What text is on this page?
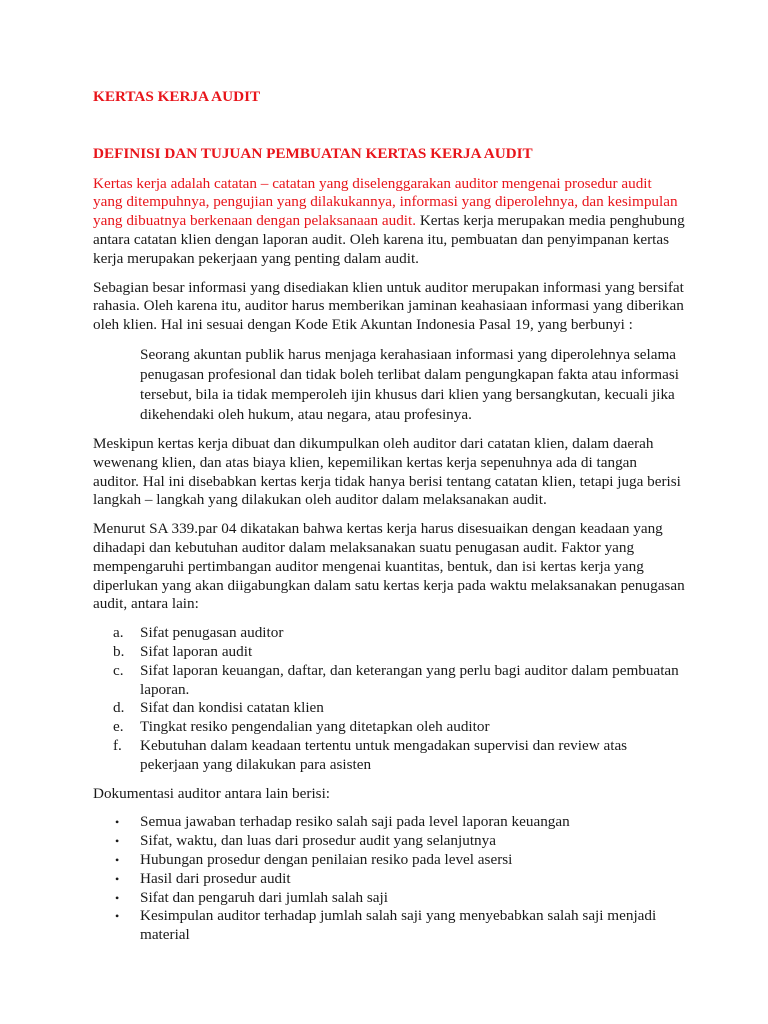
KERTAS KERJA AUDIT
DEFINISI DAN TUJUAN PEMBUATAN KERTAS KERJA AUDIT

Kertas kerja adalah catatan – catatan yang diselenggarakan auditor mengenai prosedur audit yang ditempuhnya, pengujian yang dilakukannya, informasi yang diperolehnya, dan kesimpulan yang dibuatnya berkenaan dengan pelaksanaan audit. Kertas kerja merupakan media penghubung antara catatan klien dengan laporan audit. Oleh karena itu, pembuatan dan penyimpanan kertas kerja merupakan pekerjaan yang penting dalam audit.

Sebagian besar informasi yang disediakan klien untuk auditor merupakan informasi yang bersifat rahasia. Oleh karena itu, auditor harus memberikan jaminan keahasiaan informasi yang diberikan oleh klien. Hal ini sesuai dengan Kode Etik Akuntan Indonesia Pasal 19, yang berbunyi :

Seorang akuntan publik harus menjaga kerahasiaan informasi yang diperolehnya selama penugasan profesional dan tidak boleh terlibat dalam pengungkapan fakta atau informasi tersebut, bila ia tidak memperoleh ijin khusus dari klien yang bersangkutan, kecuali jika dikehendaki oleh hukum, atau negara, atau profesinya.

Meskipun kertas kerja dibuat dan dikumpulkan oleh auditor dari catatan klien, dalam daerah wewenang klien, dan atas biaya klien, kepemilikan kertas kerja sepenuhnya ada di tangan auditor. Hal ini disebabkan kertas kerja tidak hanya berisi tentang catatan klien, tetapi juga berisi langkah – langkah yang dilakukan oleh auditor dalam melaksanakan audit.

Menurut SA 339.par 04 dikatakan bahwa kertas kerja harus disesuaikan dengan keadaan yang dihadapi dan kebutuhan auditor dalam melaksanakan suatu penugasan audit. Faktor yang mempengaruhi pertimbangan auditor mengenai kuantitas, bentuk, dan isi kertas kerja yang diperlukan yang akan diigabungkan dalam satu kertas kerja pada waktu melaksanakan penugasan audit, antara lain:

a. Sifat penugasan auditor
b. Sifat laporan audit
c. Sifat laporan keuangan, daftar, dan keterangan yang perlu bagi auditor dalam pembuatan laporan.
d. Sifat dan kondisi catatan klien
e. Tingkat resiko pengendalian yang ditetapkan oleh auditor
f. Kebutuhan dalam keadaan tertentu untuk mengadakan supervisi dan review atas pekerjaan yang dilakukan para asisten

Dokumentasi auditor antara lain berisi:

• Semua jawaban terhadap resiko salah saji pada level laporan keuangan
• Sifat, waktu, dan luas dari prosedur audit yang selanjutnya
• Hubungan prosedur dengan penilaian resiko pada level asersi
• Hasil dari prosedur audit
• Sifat dan pengaruh dari jumlah salah saji
• Kesimpulan auditor terhadap jumlah salah saji yang menyebabkan salah saji menjadi material
